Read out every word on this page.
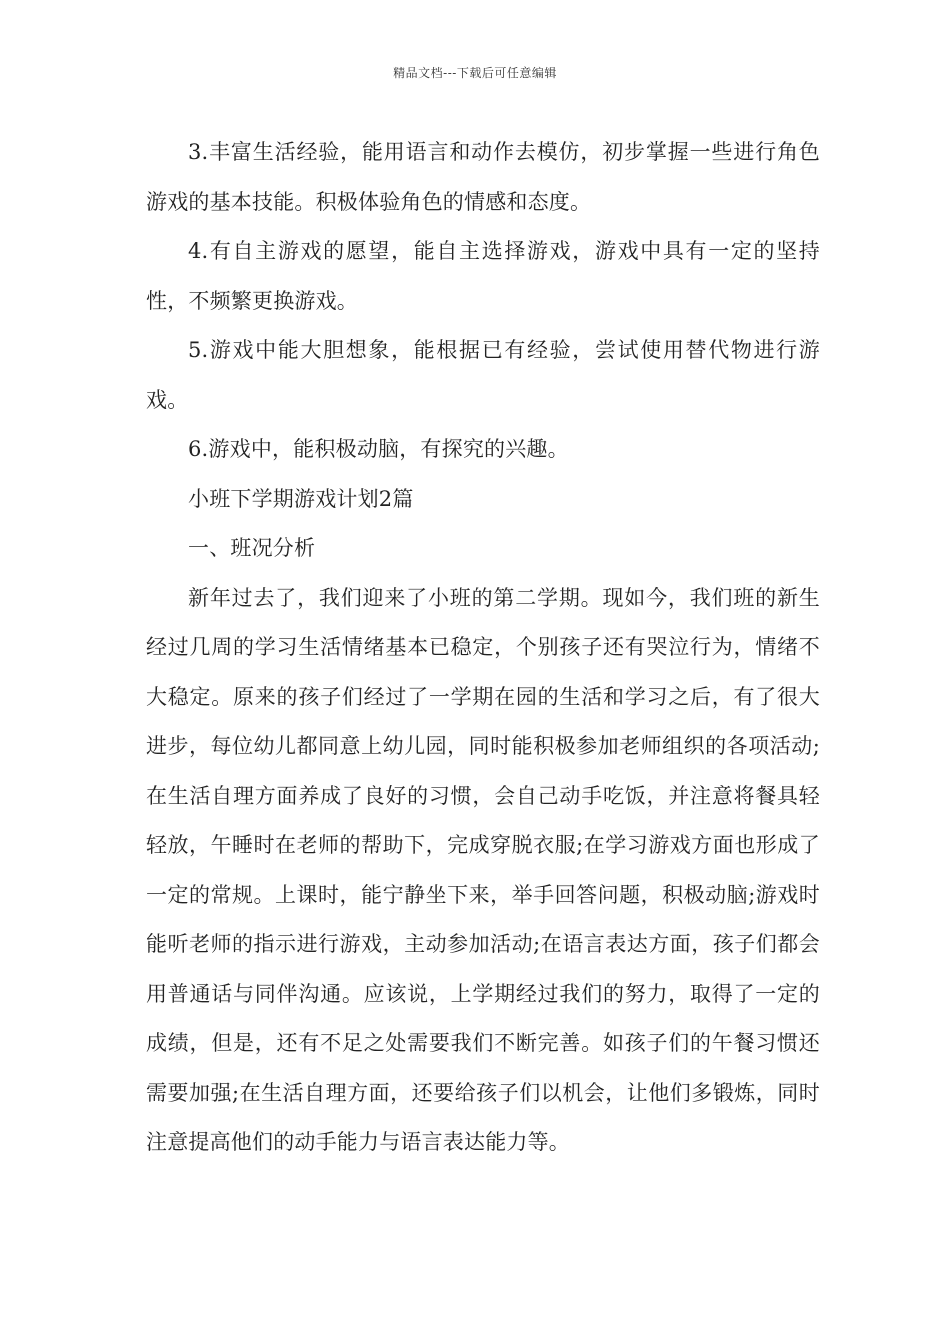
精品文档---下载后可任意编辑

3.丰富生活经验，能用语言和动作去模仿，初步掌握一些进行角色游戏的基本技能。积极体验角色的情感和态度。

4.有自主游戏的愿望，能自主选择游戏，游戏中具有一定的坚持性，不频繁更换游戏。

5.游戏中能大胆想象，能根据已有经验，尝试使用替代物进行游戏。

6.游戏中，能积极动脑，有探究的兴趣。

小班下学期游戏计划2篇

一、班况分析

新年过去了，我们迎来了小班的第二学期。现如今，我们班的新生经过几周的学习生活情绪基本已稳定，个别孩子还有哭泣行为，情绪不大稳定。原来的孩子们经过了一学期在园的生活和学习之后，有了很大进步，每位幼儿都同意上幼儿园，同时能积极参加老师组织的各项活动;在生活自理方面养成了良好的习惯，会自己动手吃饭，并注意将餐具轻轻放，午睡时在老师的帮助下，完成穿脱衣服;在学习游戏方面也形成了一定的常规。上课时，能宁静坐下来，举手回答问题，积极动脑;游戏时能听老师的指示进行游戏，主动参加活动;在语言表达方面，孩子们都会用普通话与同伴沟通。应该说，上学期经过我们的努力，取得了一定的成绩，但是，还有不足之处需要我们不断完善。如孩子们的午餐习惯还需要加强;在生活自理方面，还要给孩子们以机会，让他们多锻炼，同时注意提高他们的动手能力与语言表达能力等。
